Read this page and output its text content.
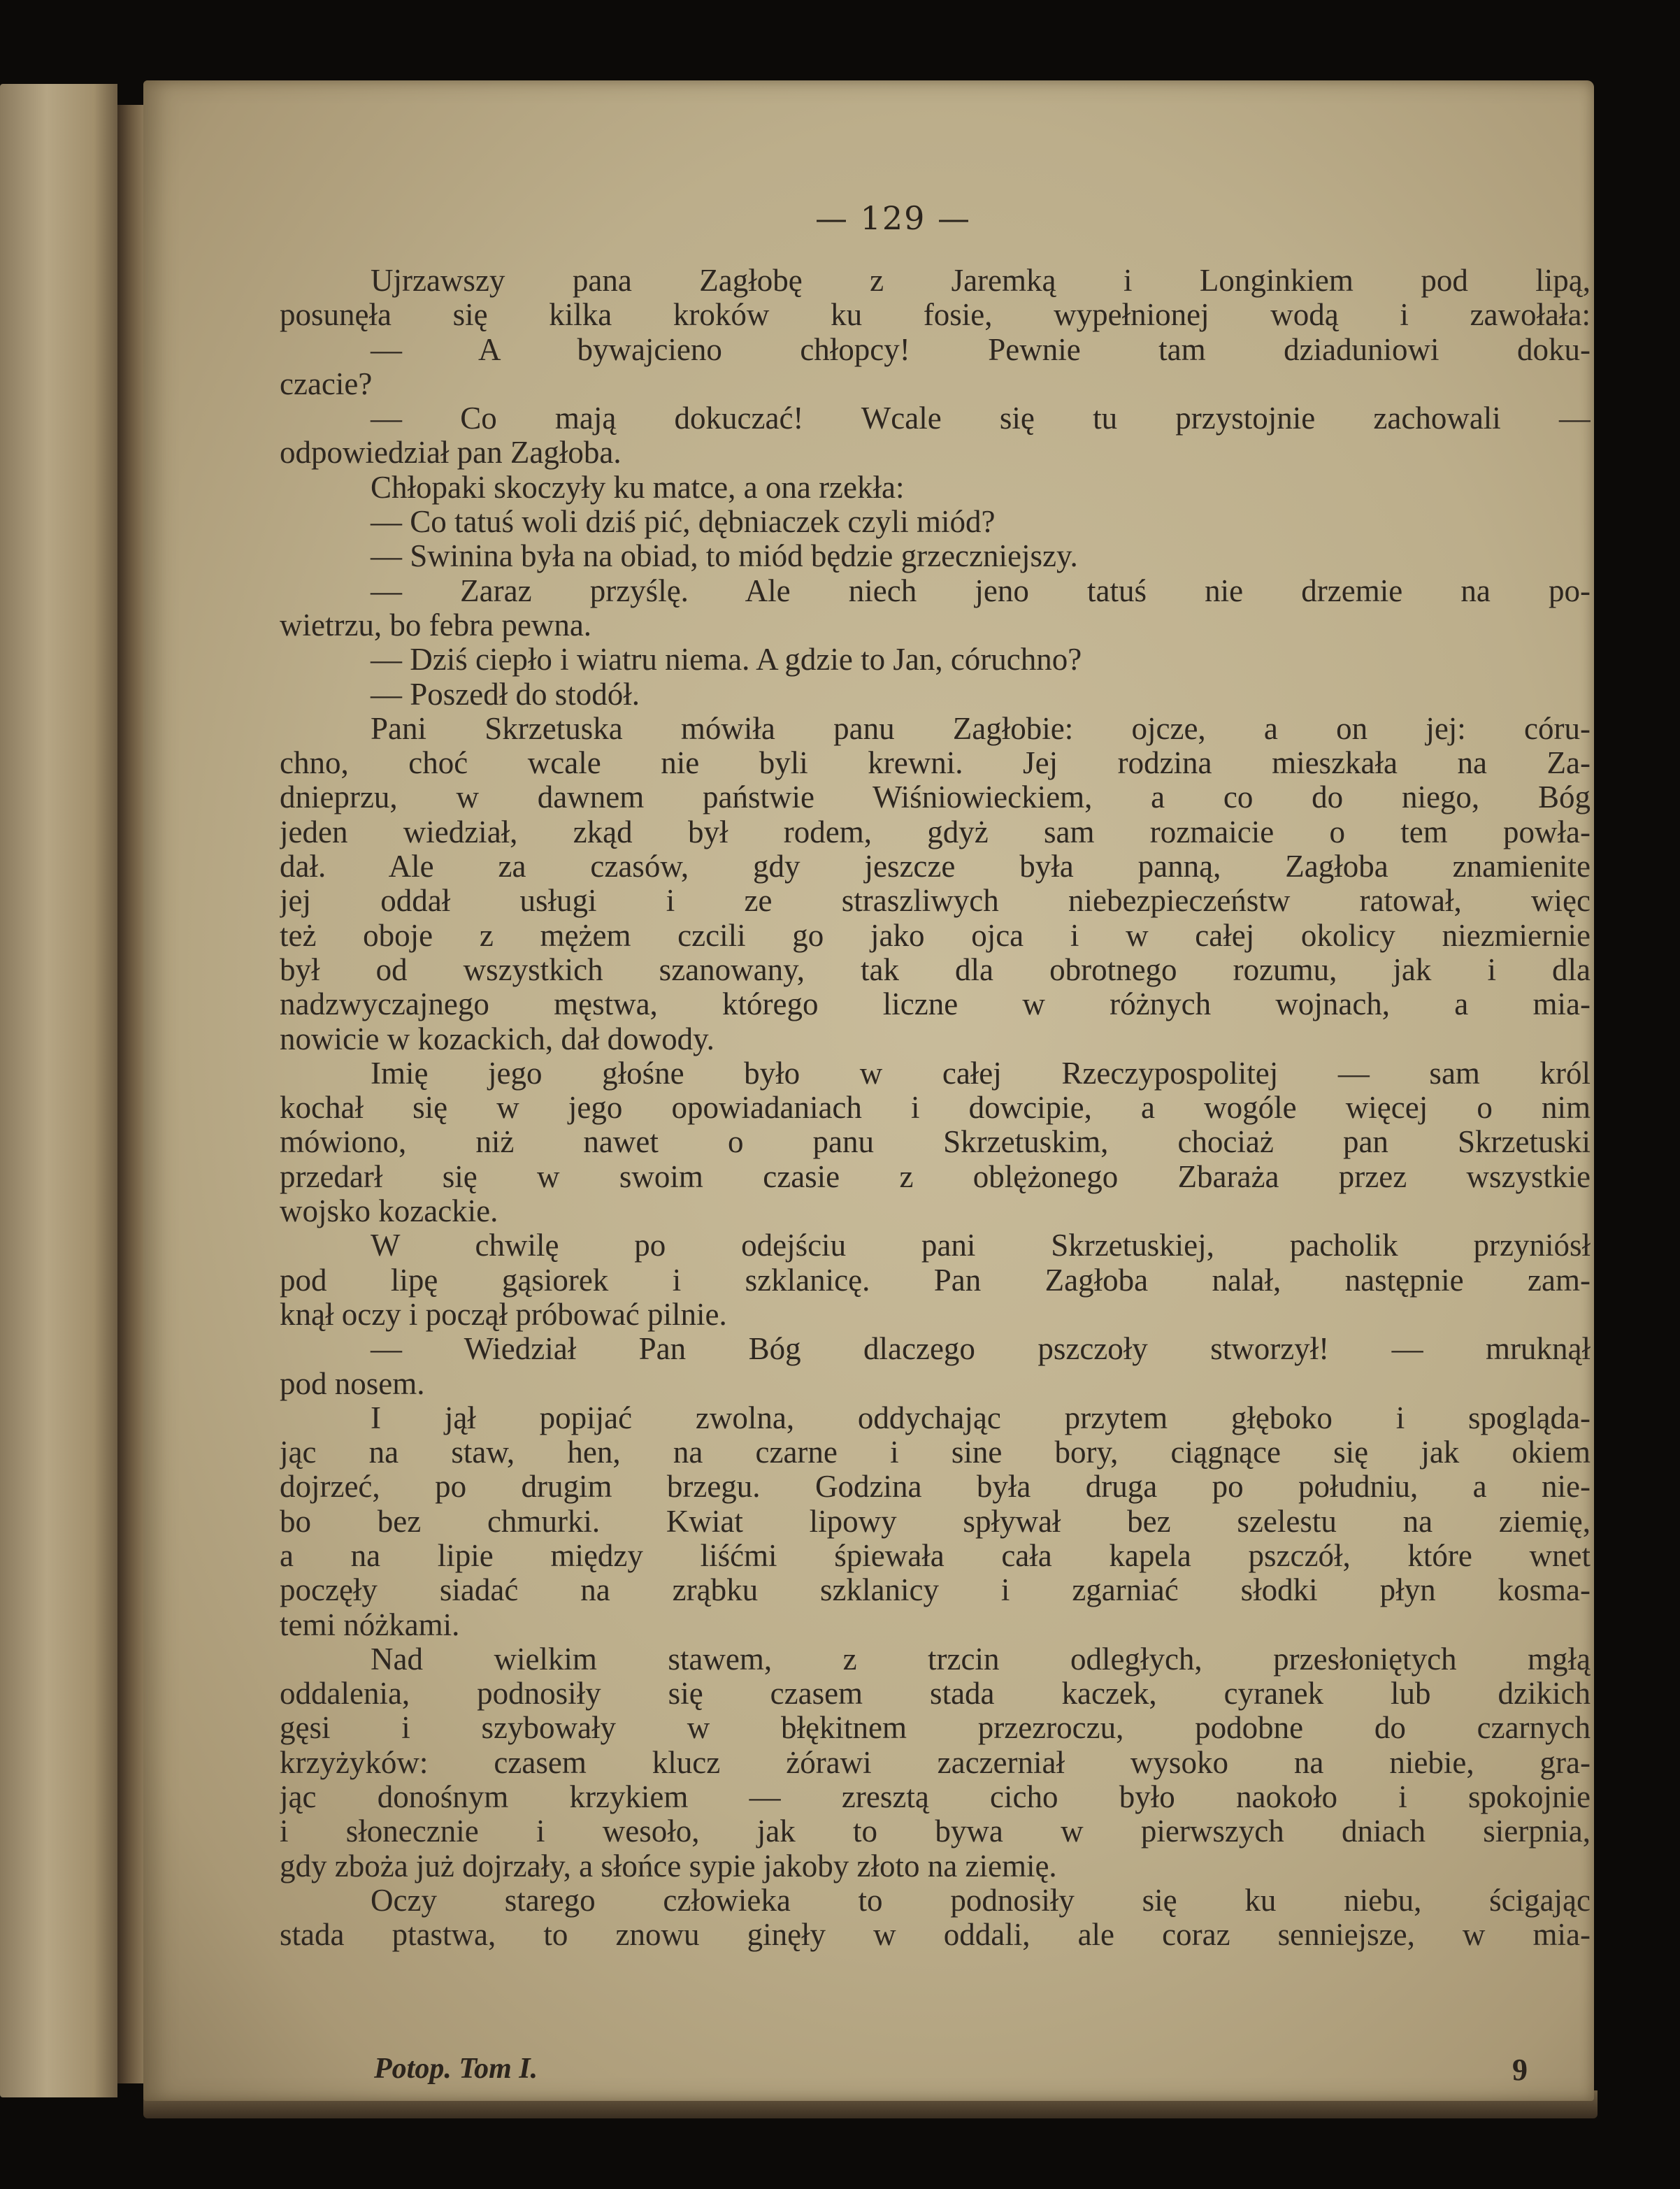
— 129 —
Ujrzawszy pana Zagłobę z Jaremką i Longinkiem pod lipą,
posunęła się kilka kroków ku fosie, wypełnionej wodą i zawołała:
— A bywajcieno chłopcy! Pewnie tam dziaduniowi doku-
czacie?
— Co mają dokuczać! Wcale się tu przystojnie zachowali —
odpowiedział pan Zagłoba.
Chłopaki skoczyły ku matce, a ona rzekła:
— Co tatuś woli dziś pić, dębniaczek czyli miód?
— Swinina była na obiad, to miód będzie grzeczniejszy.
— Zaraz przyślę. Ale niech jeno tatuś nie drzemie na po-
wietrzu, bo febra pewna.
— Dziś ciepło i wiatru niema. A gdzie to Jan, córuchno?
— Poszedł do stodół.
Pani Skrzetuska mówiła panu Zagłobie: ojcze, a on jej: córu-
chno, choć wcale nie byli krewni. Jej rodzina mieszkała na Za-
dnieprzu, w dawnem państwie Wiśniowieckiem, a co do niego, Bóg
jeden wiedział, zkąd był rodem, gdyż sam rozmaicie o tem powła-
dał. Ale za czasów, gdy jeszcze była panną, Zagłoba znamienite
jej oddał usługi i ze straszliwych niebezpieczeństw ratował, więc
też oboje z mężem czcili go jako ojca i w całej okolicy niezmiernie
był od wszystkich szanowany, tak dla obrotnego rozumu, jak i dla
nadzwyczajnego męstwa, którego liczne w różnych wojnach, a mia-
nowicie w kozackich, dał dowody.
Imię jego głośne było w całej Rzeczypospolitej — sam król
kochał się w jego opowiadaniach i dowcipie, a wogóle więcej o nim
mówiono, niż nawet o panu Skrzetuskim, chociaż pan Skrzetuski
przedarł się w swoim czasie z oblężonego Zbaraża przez wszystkie
wojsko kozackie.
W chwilę po odejściu pani Skrzetuskiej, pacholik przyniósł
pod lipę gąsiorek i szklanicę. Pan Zagłoba nalał, następnie zam-
knął oczy i począł próbować pilnie.
— Wiedział Pan Bóg dlaczego pszczoły stworzył! — mruknął
pod nosem.
I jął popijać zwolna, oddychając przytem głęboko i spoglądа-
jąc na staw, hen, na czarne i sine bory, ciągnące się jak okiem
dojrzeć, po drugim brzegu. Godzina była druga po południu, a nie-
bo bez chmurki. Kwiat lipowy spływał bez szelestu na ziemię,
a na lipie między liśćmi śpiewała cała kapela pszczół, które wnet
poczęły siadać na zrąbku szklanicy i zgarniać słodki płyn kosma-
temi nóżkami.
Nad wielkim stawem, z trzcin odległych, przesłoniętych mgłą
oddalenia, podnosiły się czasem stada kaczek, cyranek lub dzikich
gęsi i szybowały w błękitnem przezroczu, podobne do czarnych
krzyżyków: czasem klucz żórawi zaczerniał wysoko na niebie, gra-
jąc donośnym krzykiem — zresztą cicho było naokoło i spokojnie
i słonecznie i wesoło, jak to bywa w pierwszych dniach sierpnia,
gdy zboża już dojrzały, a słońce sypie jakoby złoto na ziemię.
Oczy starego człowieka to podnosiły się ku niebu, ścigając
stada ptastwa, to znowu ginęły w oddali, ale coraz senniejsze, w mia-
Potop. Tom I.	9
